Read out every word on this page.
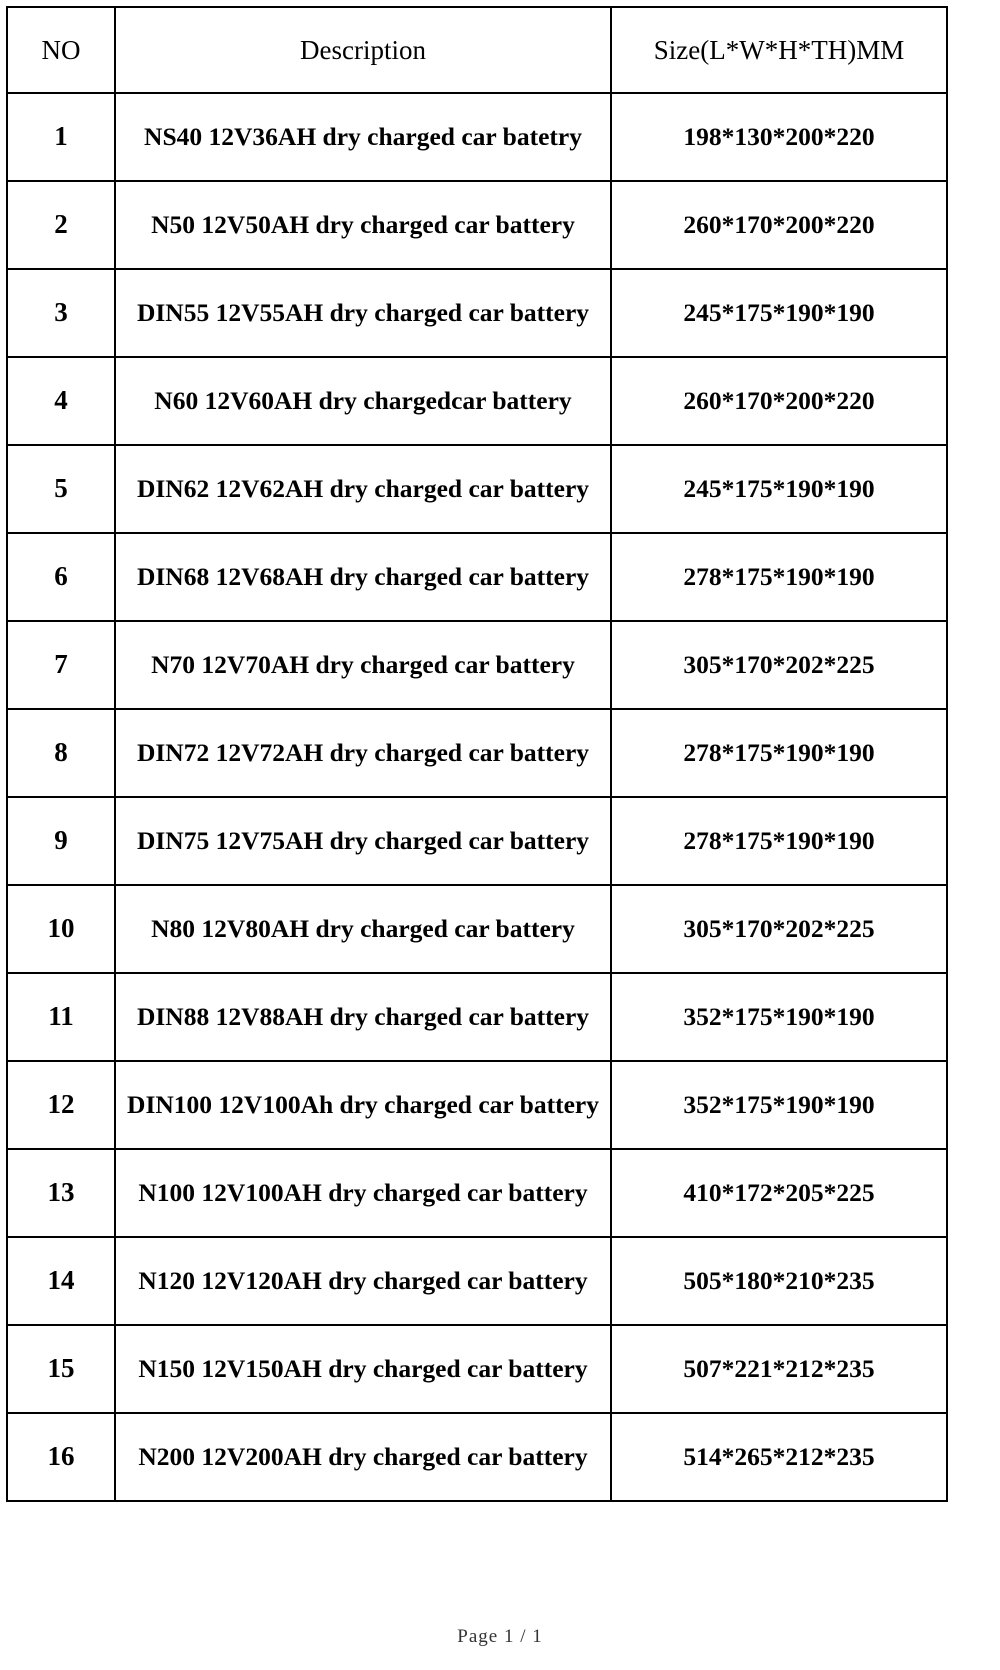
NO	Description	Size(L*W*H*TH)MM
1	NS40 12V36AH dry charged car batetry	198*130*200*220
2	N50 12V50AH dry charged car battery	260*170*200*220
3	DIN55 12V55AH dry charged car battery	245*175*190*190
4	N60 12V60AH dry chargedcar battery	260*170*200*220
5	DIN62 12V62AH dry charged car battery	245*175*190*190
6	DIN68 12V68AH dry charged car battery	278*175*190*190
7	N70 12V70AH dry charged car battery	305*170*202*225
8	DIN72 12V72AH dry charged car battery	278*175*190*190
9	DIN75 12V75AH dry charged car battery	278*175*190*190
10	N80 12V80AH dry charged car battery	305*170*202*225
11	DIN88 12V88AH dry charged car battery	352*175*190*190
12	DIN100 12V100Ah dry charged car battery	352*175*190*190
13	N100 12V100AH dry charged car battery	410*172*205*225
14	N120 12V120AH dry charged car battery	505*180*210*235
15	N150 12V150AH dry charged car battery	507*221*212*235
16	N200 12V200AH dry charged car battery	514*265*212*235
Page 1 / 1
